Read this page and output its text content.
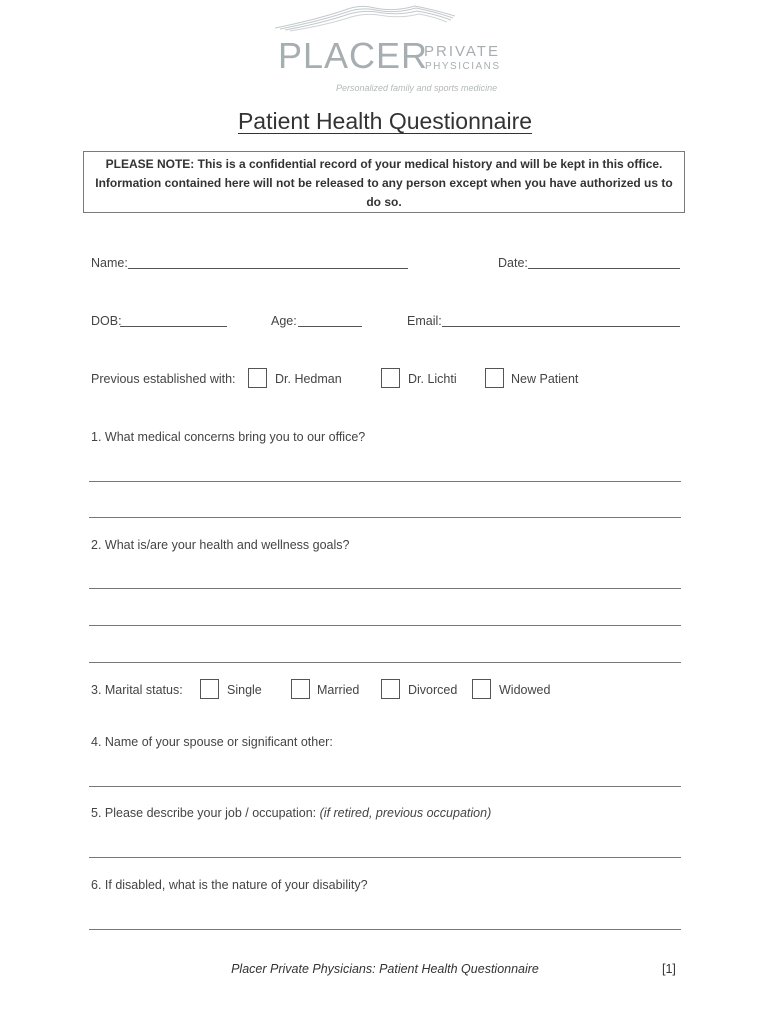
PLACER
PRIVATE
PHYSICIANS
Personalized family and sports medicine
Patient Health Questionnaire
PLEASE NOTE: This is a confidential record of your medical history and will be kept in this office. Information contained here will not be released to any person except when you have authorized us to do so.
Name:	Date:
DOB:	Age:	Email:
Previous established with:	Dr. Hedman	Dr. Lichti	New Patient
1. What medical concerns bring you to our office?
2. What is/are your health and wellness goals?
3. Marital status:	Single	Married	Divorced	Widowed
4. Name of your spouse or significant other:
5. Please describe your job / occupation: (if retired, previous occupation)
6. If disabled, what is the nature of your disability?
Placer Private Physicians: Patient Health Questionnaire	[1]
